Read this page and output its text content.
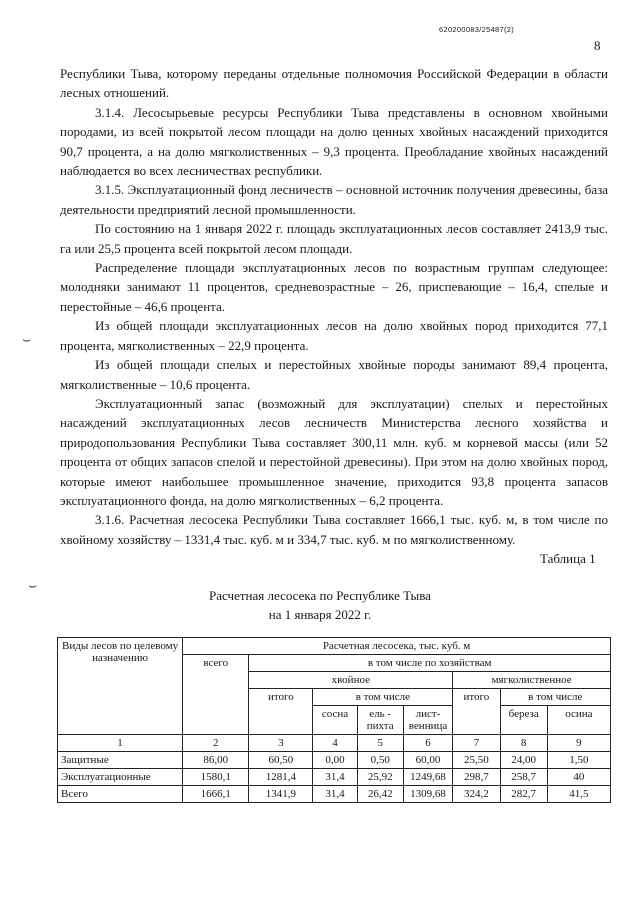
620200083/25487(2)
8
⌣
⌣

Республики Тыва, которому переданы отдельные полномочия Российской Федерации в области лесных отношений.

3.1.4. Лесосырьевые ресурсы Республики Тыва представлены в основном хвойными породами, из всей покрытой лесом площади на долю ценных хвойных насаждений приходится 90,7 процента, а на долю мягколиственных – 9,3 процента. Преобладание хвойных насаждений наблюдается во всех лесничествах республики.

3.1.5. Эксплуатационный фонд лесничеств – основной источник получения древесины, база деятельности предприятий лесной промышленности.

По состоянию на 1 января 2022 г. площадь эксплуатационных лесов составляет 2413,9 тыс. га или 25,5 процента всей покрытой лесом площади.

Распределение площади эксплуатационных лесов по возрастным группам следующее: молодняки занимают 11 процентов, средневозрастные – 26, приспевающие – 16,4, спелые и перестойные – 46,6 процента.

Из общей площади эксплуатационных лесов на долю хвойных пород приходится 77,1 процента, мягколиственных – 22,9 процента.

Из общей площади спелых и перестойных хвойные породы занимают 89,4 процента, мягколиственные – 10,6 процента.

Эксплуатационный запас (возможный для эксплуатации) спелых и перестойных насаждений эксплуатационных лесов лесничеств Министерства лесного хозяйства и природопользования Республики Тыва составляет 300,11 млн. куб. м корневой массы (или 52 процента от общих запасов спелой и перестойной древесины). При этом на долю хвойных пород, которые имеют наибольшее промышленное значение, приходится 93,8 процента запасов эксплуатационного фонда, на долю мягколиственных – 6,2 процента.

3.1.6. Расчетная лесосека Республики Тыва составляет 1666,1 тыс. куб. м, в том числе по хвойному хозяйству – 1331,4 тыс. куб. м и 334,7 тыс. куб. м по мягколиственному.

Таблица 1
Расчетная лесосека по Республике Тыва
на 1 января 2022 г.
Виды лесов по целевому назначению	Расчетная лесосека, тыс. куб. м							
	всего	в том числе по хозяйствам						
		хвойное				мягколиственное		
		итого	в том числе			итого	в том числе	
			сосна	ель - пихта	лист- венница		береза	осина
1	2	3	4	5	6	7	8	9
Защитные	86,00	60,50	0,00	0,50	60,00	25,50	24,00	1,50
Эксплуатационные	1580,1	1281,4	31,4	25,92	1249,68	298,7	258,7	40
Всего	1666,1	1341,9	31,4	26,42	1309,68	324,2	282,7	41,5
